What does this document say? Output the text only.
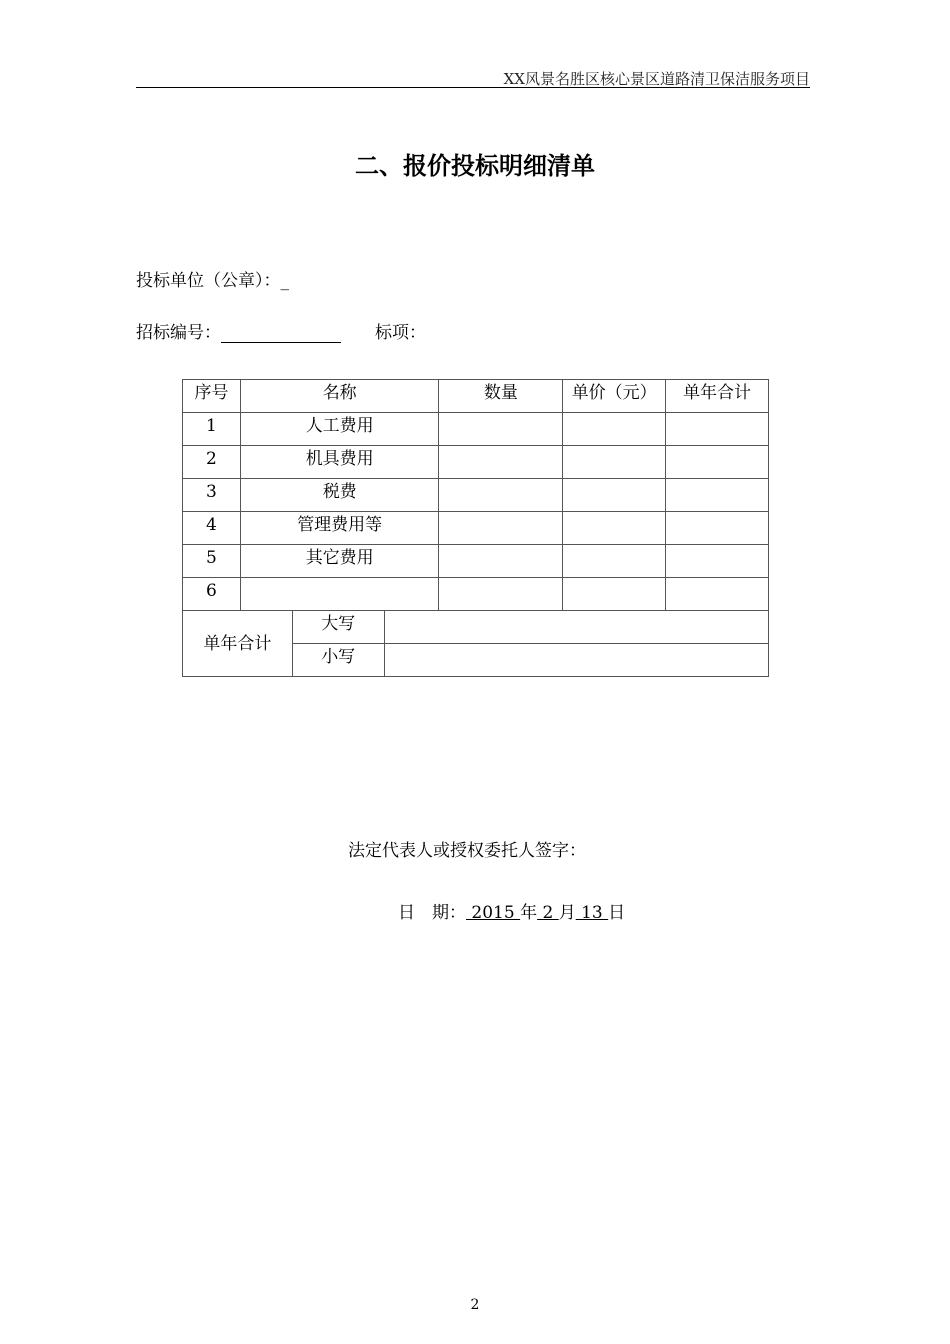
XX风景名胜区核心景区道路清卫保洁服务项目
二、报价投标明细清单
投标单位（公章）：_
招标编号：	标项：
序号	名称			数量	单价（元）	单年合计
1	人工费用					
2	机具费用					
3	税费					
4	管理费用等					
5	其它费用					
6						
单年合计		大写				
		小写				
法定代表人或授权委托人签字：
日　期： 2015 年 2 月 13 日
2
